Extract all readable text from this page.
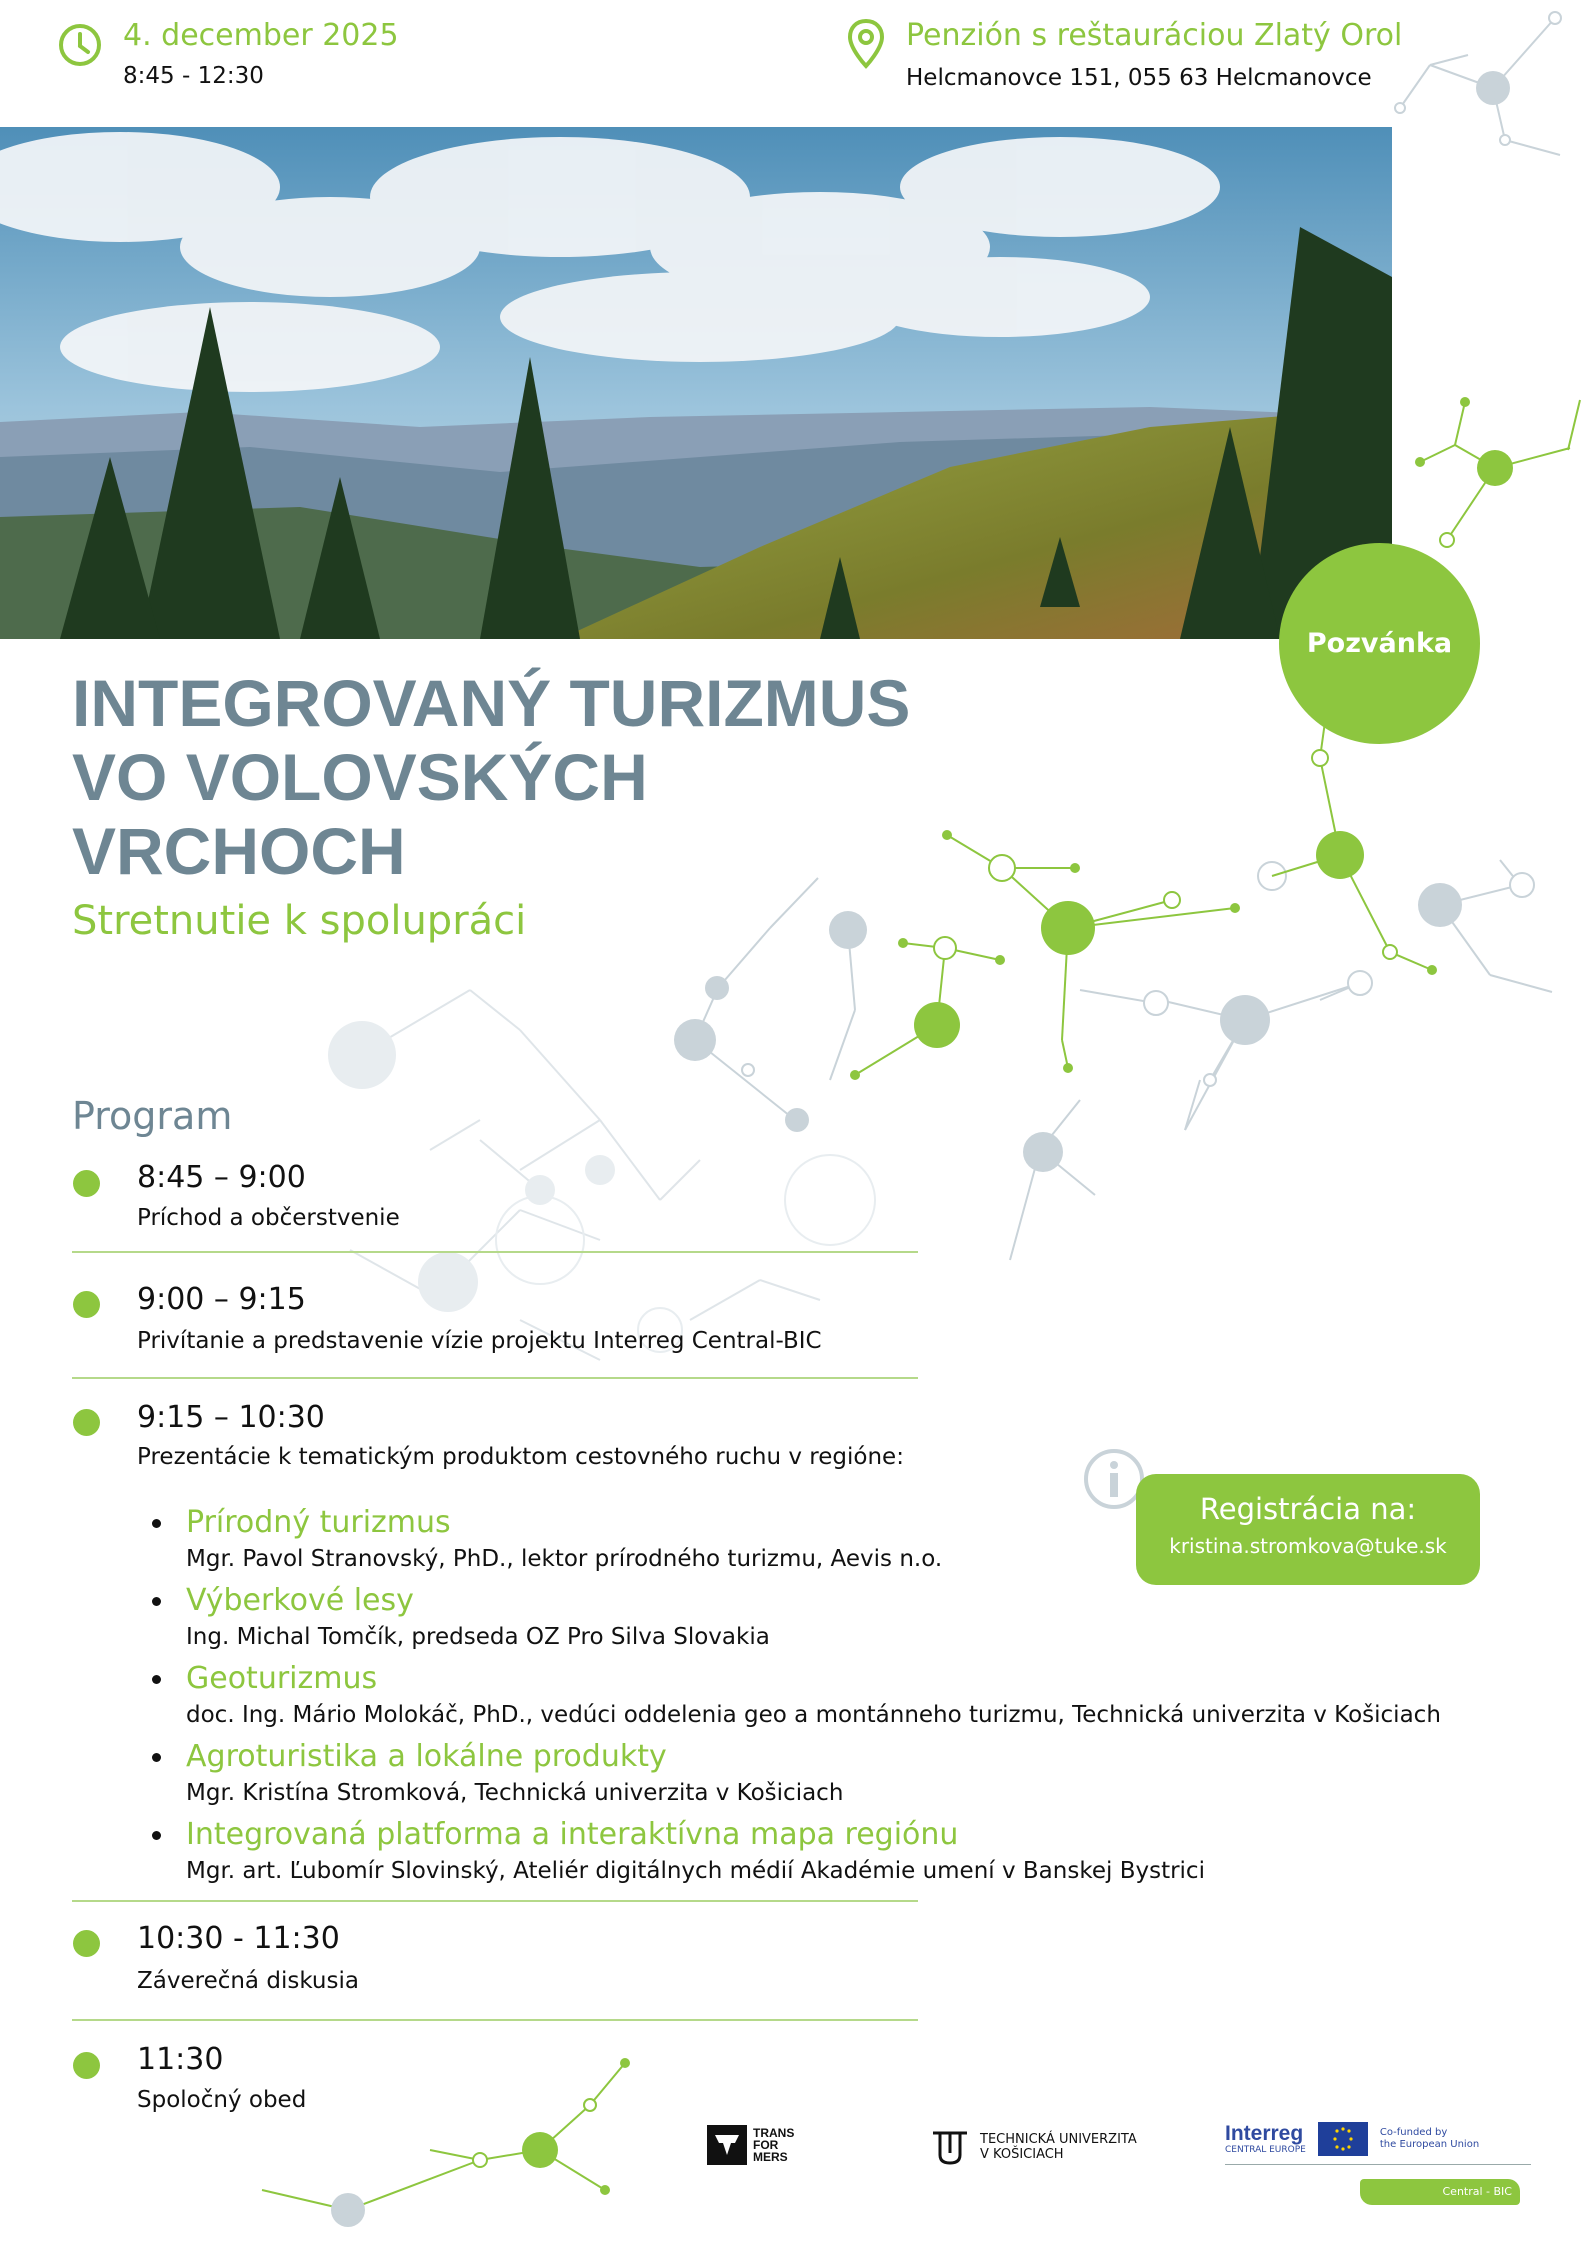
4. december 2025
8:45 - 12:30
Penzión s reštauráciou Zlatý Orol
Helcmanovce 151, 055 63 Helcmanovce
Pozvánka
INTEGROVANÝ TURIZMUS
VO VOLOVSKÝCH
VRCHOCH
Stretnutie k spolupráci
Program
8:45 – 9:00
Príchod a občerstvenie
9:00 – 9:15
Privítanie a predstavenie vízie projektu Interreg Central-BIC
9:15 – 10:30
Prezentácie k tematickým produktom cestovného ruchu v regióne:
Prírodný turizmus
Mgr. Pavol Stranovský, PhD., lektor prírodného turizmu, Aevis n.o.
Výberkové lesy
Ing. Michal Tomčík, predseda OZ Pro Silva Slovakia
Geoturizmus
doc. Ing. Mário Molokáč, PhD., vedúci oddelenia geo a montánneho turizmu, Technická univerzita v Košiciach
Agroturistika a lokálne produkty
Mgr. Kristína Stromková, Technická univerzita v Košiciach
Integrovaná platforma a interaktívna mapa regiónu
Mgr. art. Ľubomír Slovinský, Ateliér digitálnych médií Akadémie umení v Banskej Bystrici
10:30 - 11:30
Záverečná diskusia
11:30
Spoločný obed
Registrácia na:
kristina.stromkova@tuke.sk
TRANS
FOR
MERS
TECHNICKÁ UNIVERZITA
V KOŠICIACH
Interreg
CENTRAL EUROPE
Co-funded by
the European Union
Central - BIC
